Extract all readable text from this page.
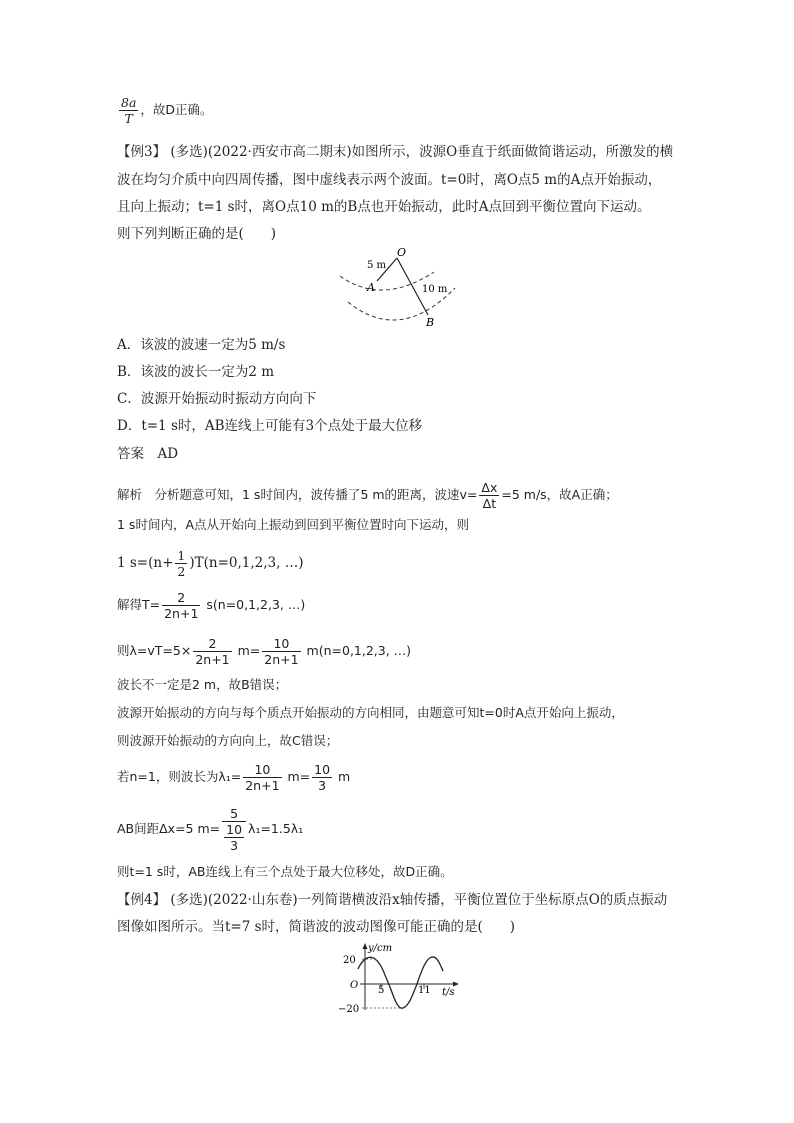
$\frac{8a}{T}$ ，故D正确。
【例3】 (多选)(2022·西安市高二期末)如图所示，波源O垂直于纸面做简谐运动，所激发的横
波在均匀介质中向四周传播，图中虚线表示两个波面。t=0时，离O点5 m的A点开始振动，
且向上振动；t=1 s时，离O点10 m的B点也开始振动，此时A点回到平衡位置向下运动。
则下列判断正确的是(　　)
O
5 m
A	10 m
B
A．该波的波速一定为5 m/s
B．该波的波长一定为2 m
C．波源开始振动时振动方向向下
D．t=1 s时，AB连线上可能有3个点处于最大位移
答案　AD
解析　分析题意可知，1 s时间内，波传播了5 m的距离，波速$v= \frac{\Delta x}{\Delta t} =5$ m/s，故A正确；
1 s时间内，A点从开始向上振动到回到平衡位置时向下运动，则
1 $s=(n+ \frac{1}{2} )T(n=0,1,2,3$, …)
解得$T= \frac{2}{2n+1} s(n=0,1,2,3$, …)
则$\lambda=vT=5\times \frac{2}{2n+1} m= \frac{10}{2n+1} m(n=0,1,2,3$, …)
波长不一定是2 m，故B错误；
波源开始振动的方向与每个质点开始振动的方向相同，由题意可知t=0时A点开始向上振动，
则波源开始振动的方向向上，故C错误；
若n=1，则波长为$\lambda_1= \frac{10}{2n+1} m= \frac{10}{3}$ m
AB间距Δx=5 $m= \frac{5}{\frac{10}{3}} \lambda_1=1.5\lambda_1$
则t=1 s时，AB连线上有三个点处于最大位移处，故D正确。
【例4】 (多选)(2022·山东卷)一列简谐横波沿x轴传播，平衡位置位于坐标原点O的质点振动
图像如图所示。当t=7 s时，简谐波的波动图像可能正确的是(　　)
y/cm
20
O 5	11 t/s
−20
